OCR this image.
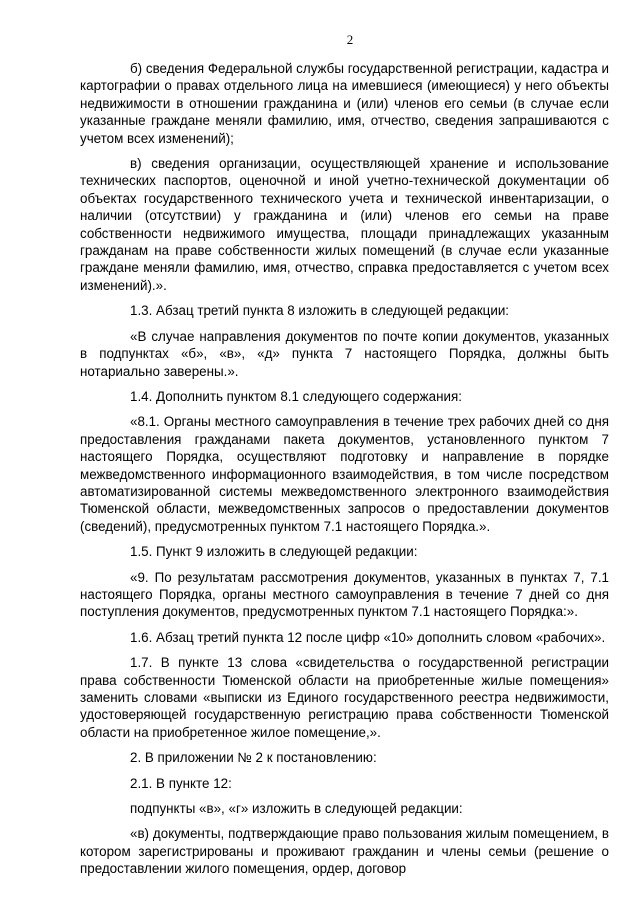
2

б) сведения Федеральной службы государственной регистрации, кадастра и картографии о правах отдельного лица на имевшиеся (имеющиеся) у него объекты недвижимости в отношении гражданина и (или) членов его семьи (в случае если указанные граждане меняли фамилию, имя, отчество, сведения запрашиваются с учетом всех изменений);

в) сведения организации, осуществляющей хранение и использование технических паспортов, оценочной и иной учетно-технической документации об объектах государственного технического учета и технической инвентаризации, о наличии (отсутствии) у гражданина и (или) членов его семьи на праве собственности недвижимого имущества, площади принадлежащих указанным гражданам на праве собственности жилых помещений (в случае если указанные граждане меняли фамилию, имя, отчество, справка предоставляется с учетом всех изменений).».

1.3. Абзац третий пункта 8 изложить в следующей редакции:

«В случае направления документов по почте копии документов, указанных в подпунктах «б», «в», «д» пункта 7 настоящего Порядка, должны быть нотариально заверены.».

1.4. Дополнить пунктом 8.1 следующего содержания:

«8.1. Органы местного самоуправления в течение трех рабочих дней со дня предоставления гражданами пакета документов, установленного пунктом 7 настоящего Порядка, осуществляют подготовку и направление в порядке межведомственного информационного взаимодействия, в том числе посредством автоматизированной системы межведомственного электронного взаимодействия Тюменской области, межведомственных запросов о предоставлении документов (сведений), предусмотренных пунктом 7.1 настоящего Порядка.».

1.5. Пункт 9 изложить в следующей редакции:

«9. По результатам рассмотрения документов, указанных в пунктах 7, 7.1 настоящего Порядка, органы местного самоуправления в течение 7 дней со дня поступления документов, предусмотренных пунктом 7.1 настоящего Порядка:».

1.6. Абзац третий пункта 12 после цифр «10» дополнить словом «рабочих».

1.7. В пункте 13 слова «свидетельства о государственной регистрации права собственности Тюменской области на приобретенные жилые помещения» заменить словами «выписки из Единого государственного реестра недвижимости, удостоверяющей государственную регистрацию права собственности Тюменской области на приобретенное жилое помещение,».

2. В приложении № 2 к постановлению:

2.1. В пункте 12:

подпункты «в», «г» изложить в следующей редакции:

«в) документы, подтверждающие право пользования жилым помещением, в котором зарегистрированы и проживают гражданин и члены семьи (решение о предоставлении жилого помещения, ордер, договор
